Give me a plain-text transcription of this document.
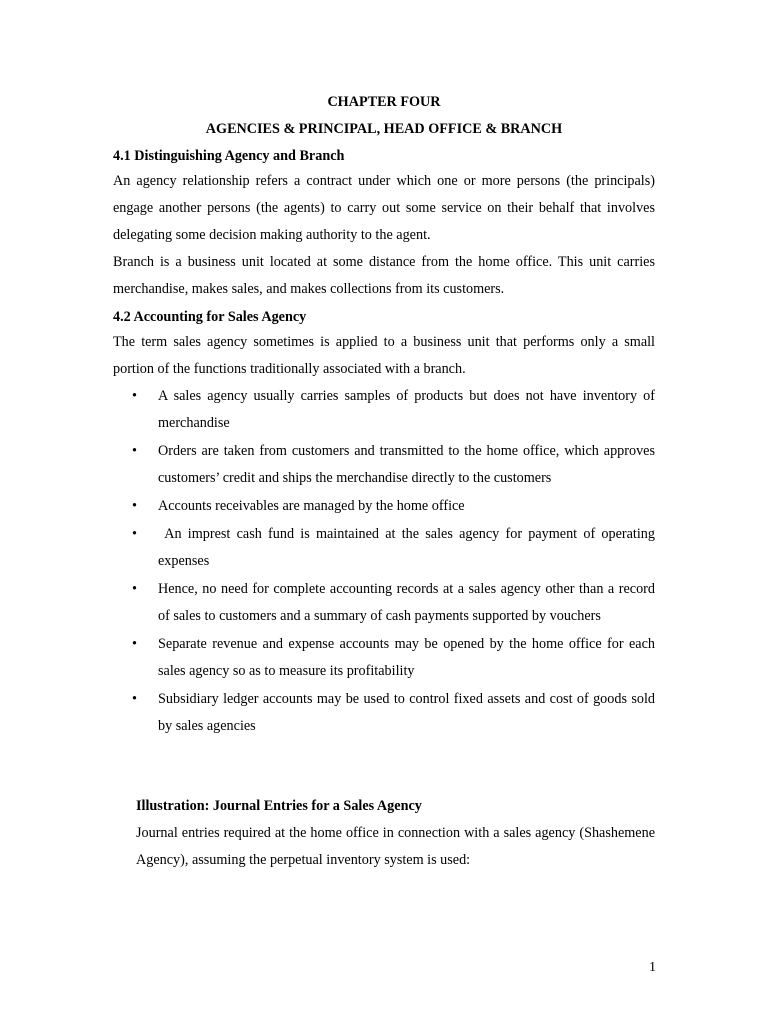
CHAPTER FOUR

AGENCIES & PRINCIPAL, HEAD OFFICE & BRANCH

4.1 Distinguishing Agency and Branch

An agency relationship refers a contract under which one or more persons (the principals) engage another persons (the agents) to carry out some service on their behalf that involves delegating some decision making authority to the agent.

Branch is a business unit located at some distance from the home office. This unit carries merchandise, makes sales, and makes collections from its customers.

4.2 Accounting for Sales Agency

The term sales agency sometimes is applied to a business unit that performs only a small portion of the functions traditionally associated with a branch.

•	A sales agency usually carries samples of products but does not have inventory of merchandise
•	Orders are taken from customers and transmitted to the home office, which approves customers’ credit and ships the merchandise directly to the customers
•	Accounts receivables are managed by the home office
•	An imprest cash fund is maintained at the sales agency for payment of operating expenses
•	Hence, no need for complete accounting records at a sales agency other than a record of sales to customers and a summary of cash payments supported by vouchers
•	Separate revenue and expense accounts may be opened by the home office for each sales agency so as to measure its profitability
•	Subsidiary ledger accounts may be used to control fixed assets and cost of goods sold by sales agencies

Illustration: Journal Entries for a Sales Agency

Journal entries required at the home office in connection with a sales agency (Shashemene Agency), assuming the perpetual inventory system is used:

1
